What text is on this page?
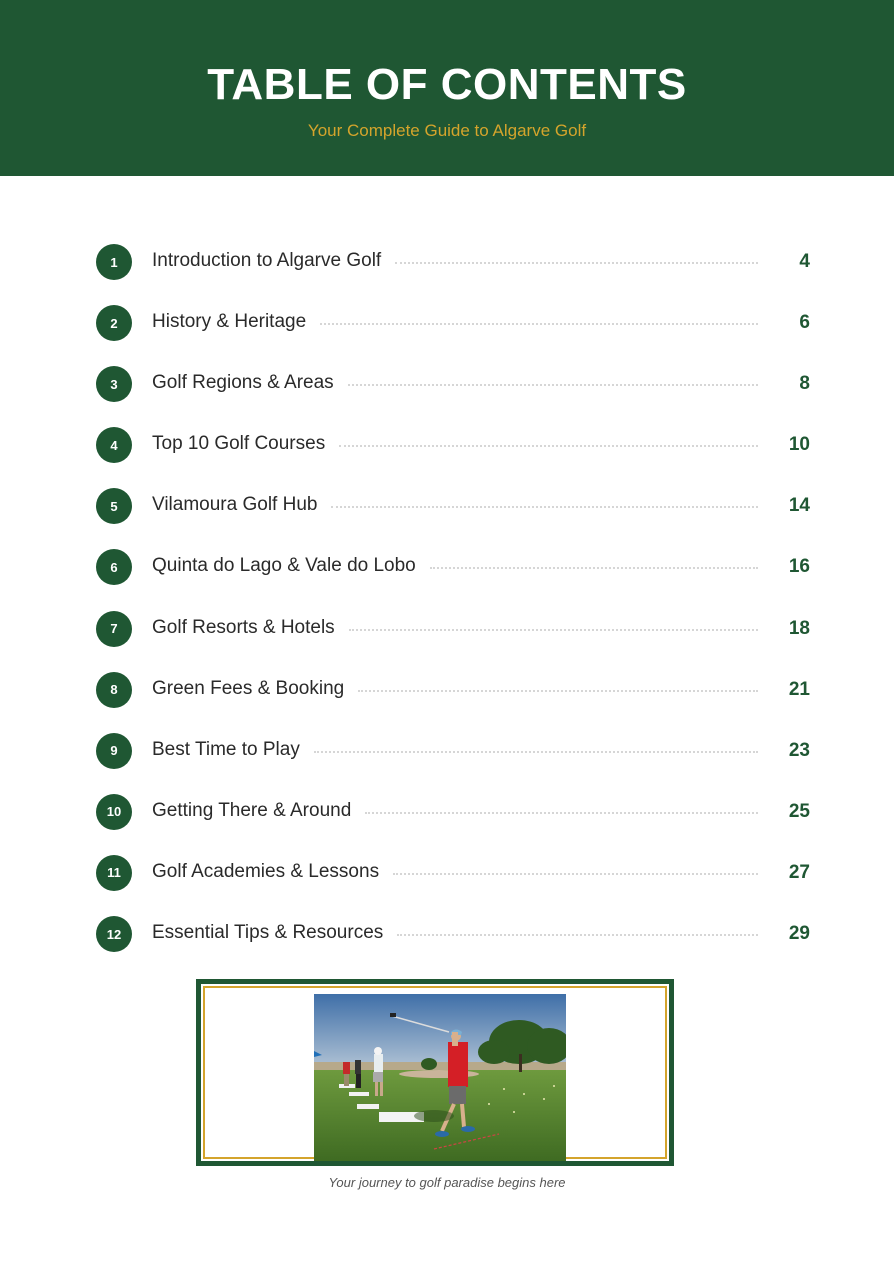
TABLE OF CONTENTS
Your Complete Guide to Algarve Golf
1	Introduction to Algarve Golf	4
2	History & Heritage	6
3	Golf Regions & Areas	8
4	Top 10 Golf Courses	10
5	Vilamoura Golf Hub	14
6	Quinta do Lago & Vale do Lobo	16
7	Golf Resorts & Hotels	18
8	Green Fees & Booking	21
9	Best Time to Play	23
10	Getting There & Around	25
11	Golf Academies & Lessons	27
12	Essential Tips & Resources	29
Your journey to golf paradise begins here
